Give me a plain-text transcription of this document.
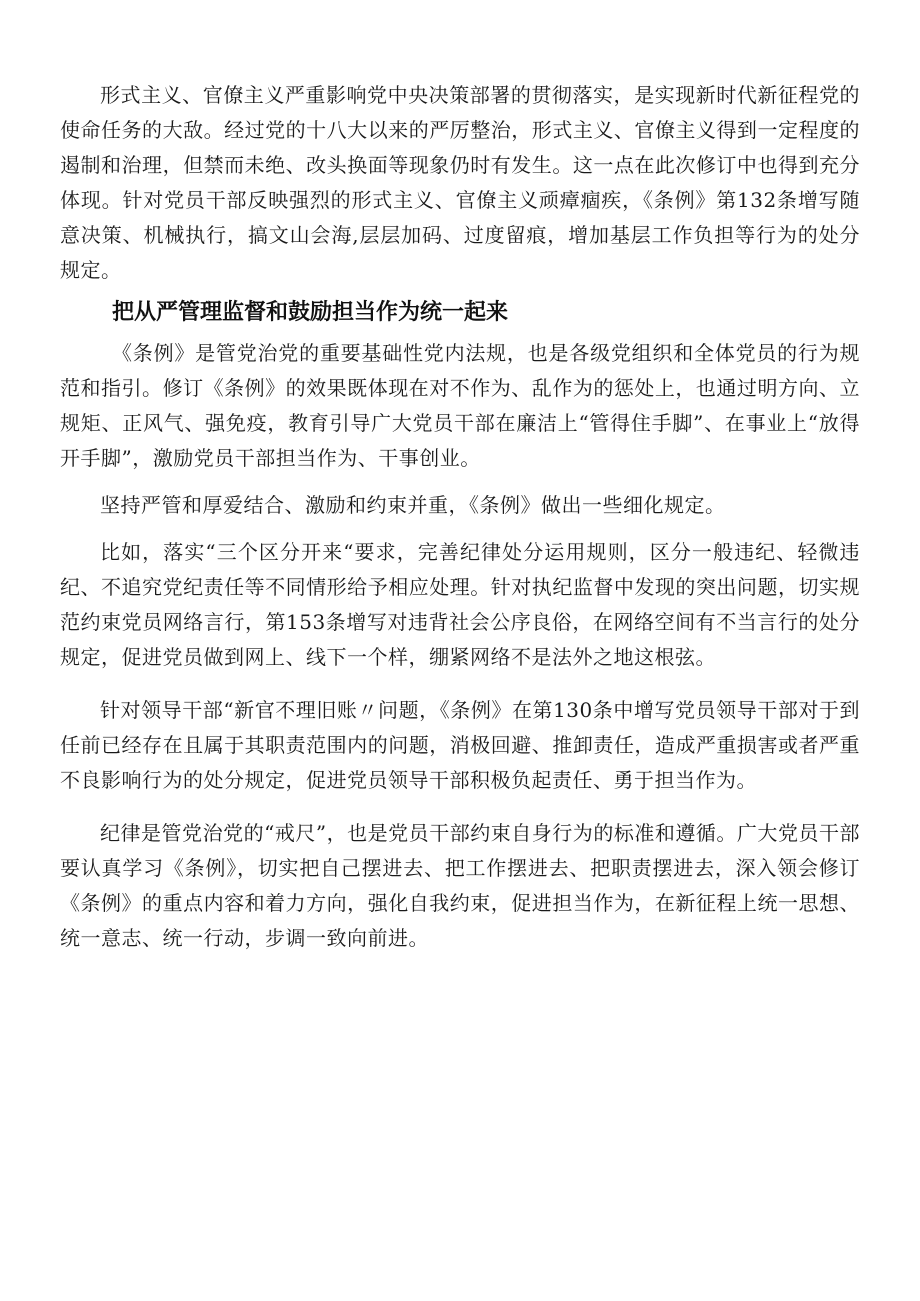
形式主义、官僚主义严重影响党中央决策部署的贯彻落实，是实现新时代新征程党的使命任务的大敌。经过党的十八大以来的严厉整治，形式主义、官僚主义得到一定程度的遏制和治理，但禁而未绝、改头换面等现象仍时有发生。这一点在此次修订中也得到充分体现。针对党员干部反映强烈的形式主义、官僚主义顽瘴痼疾，《条例》第132条增写随意决策、机械执行，搞文山会海,层层加码、过度留痕，增加基层工作负担等行为的处分规定。

把从严管理监督和鼓励担当作为统一起来

《条例》是管党治党的重要基础性党内法规，也是各级党组织和全体党员的行为规范和指引。修订《条例》的效果既体现在对不作为、乱作为的惩处上，也通过明方向、立规矩、正风气、强免疫，教育引导广大党员干部在廉洁上“管得住手脚”、在事业上“放得开手脚”，激励党员干部担当作为、干事创业。

坚持严管和厚爱结合、激励和约束并重，《条例》做出一些细化规定。

比如，落实“三个区分开来“要求，完善纪律处分运用规则，区分一般违纪、轻微违纪、不追究党纪责任等不同情形给予相应处理。针对执纪监督中发现的突出问题，切实规范约束党员网络言行，第153条增写对违背社会公序良俗，在网络空间有不当言行的处分规定，促进党员做到网上、线下一个样，绷紧网络不是法外之地这根弦。

针对领导干部“新官不理旧账〃问题，《条例》在第130条中增写党员领导干部对于到任前已经存在且属于其职责范围内的问题，消极回避、推卸责任，造成严重损害或者严重不良影响行为的处分规定，促进党员领导干部积极负起责任、勇于担当作为。

纪律是管党治党的“戒尺”，也是党员干部约束自身行为的标准和遵循。广大党员干部要认真学习《条例》，切实把自己摆进去、把工作摆进去、把职责摆进去，深入领会修订《条例》的重点内容和着力方向，强化自我约束，促进担当作为，在新征程上统一思想、统一意志、统一行动，步调一致向前进。
